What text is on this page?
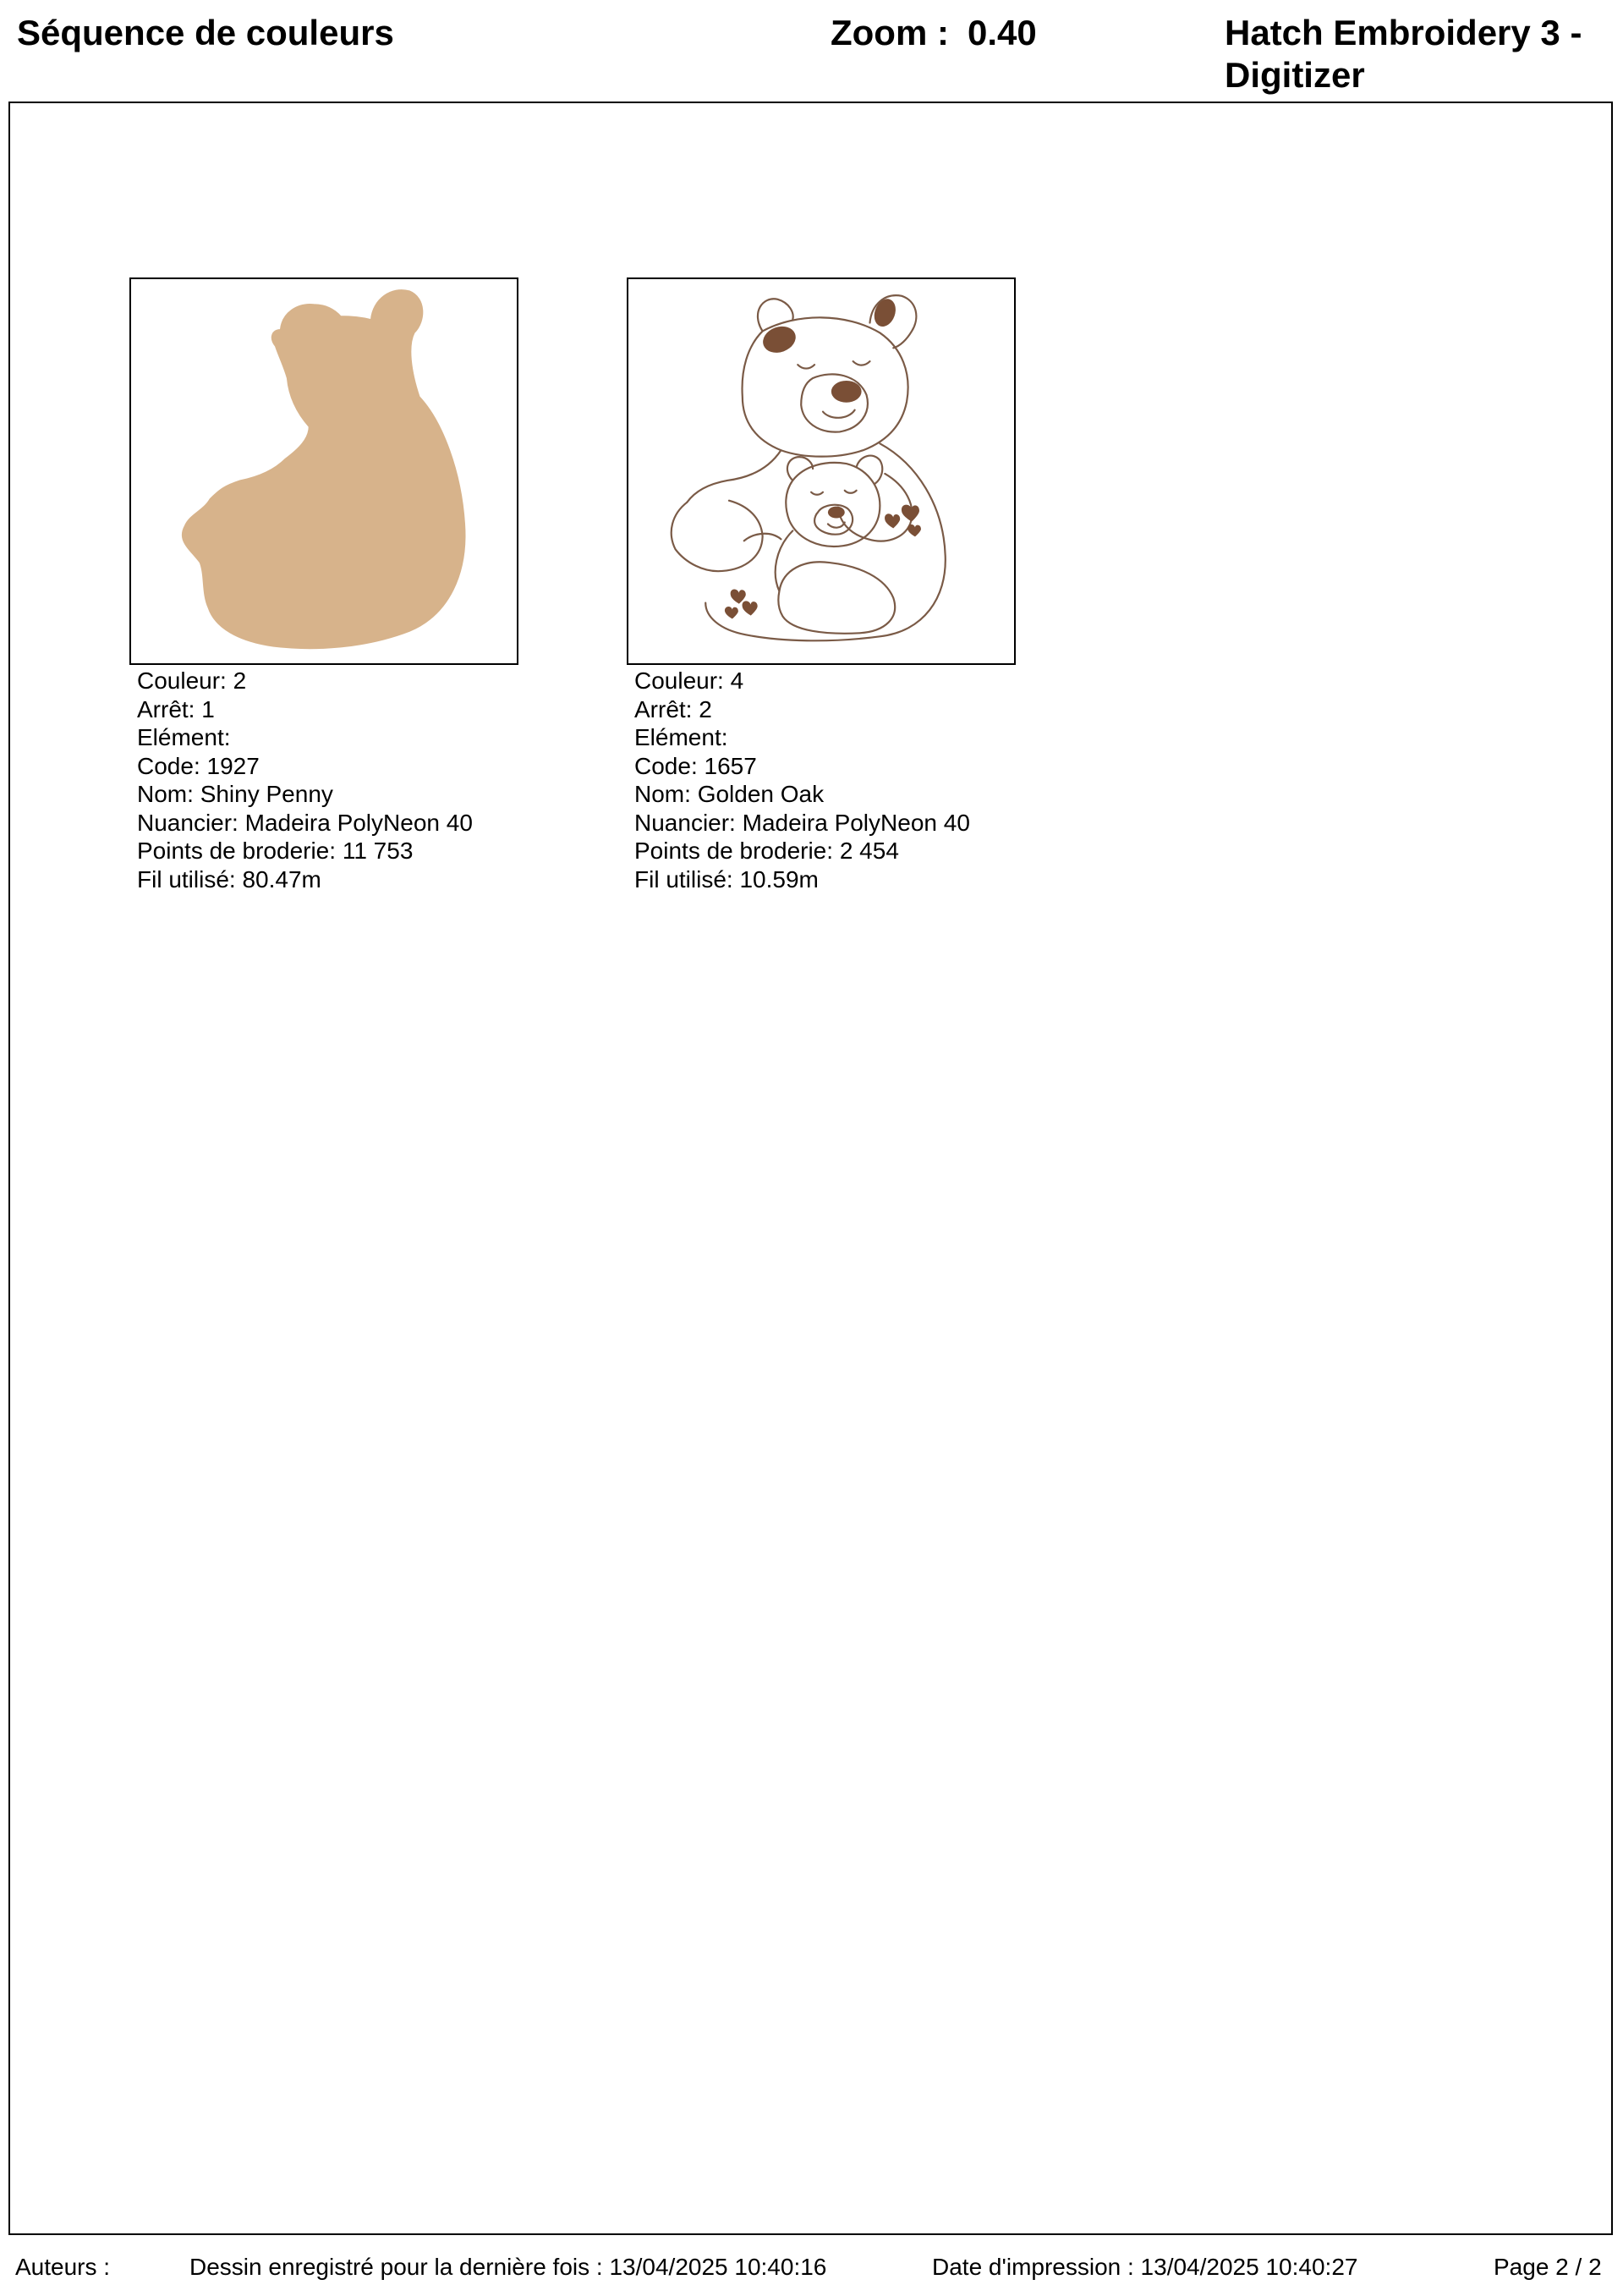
Séquence de couleurs	Zoom : 0.40	Hatch Embroidery 3 -
Digitizer
Couleur: 2
Arrêt: 1
Elément:
Code: 1927
Nom: Shiny Penny
Nuancier: Madeira PolyNeon 40
Points de broderie: 11 753
Fil utilisé: 80.47m
Couleur: 4
Arrêt: 2
Elément:
Code: 1657
Nom: Golden Oak
Nuancier: Madeira PolyNeon 40
Points de broderie: 2 454
Fil utilisé: 10.59m
Auteurs :	Dessin enregistré pour la dernière fois : 13/04/2025 10:40:16	Date d'impression : 13/04/2025 10:40:27	Page 2 / 2
